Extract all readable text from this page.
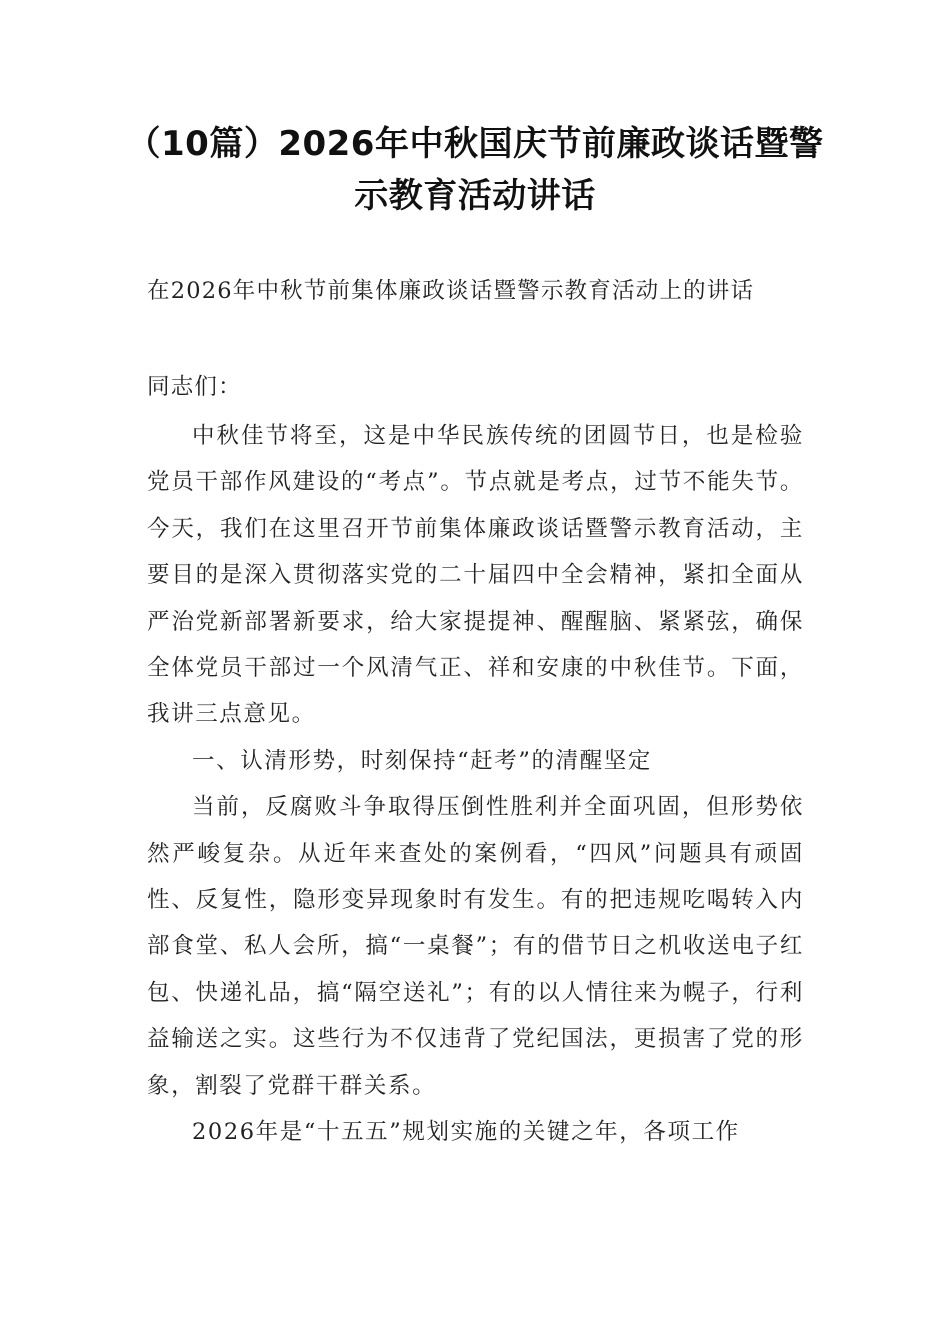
（10篇）2026年中秋国庆节前廉政谈话暨警示教育活动讲话
在2026年中秋节前集体廉政谈话暨警示教育活动上的讲话
同志们：

中秋佳节将至，这是中华民族传统的团圆节日，也是检验党员干部作风建设的“考点”。节点就是考点，过节不能失节。今天，我们在这里召开节前集体廉政谈话暨警示教育活动，主要目的是深入贯彻落实党的二十届四中全会精神，紧扣全面从严治党新部署新要求，给大家提提神、醒醒脑、紧紧弦，确保全体党员干部过一个风清气正、祥和安康的中秋佳节。下面，我讲三点意见。

一、认清形势，时刻保持“赶考”的清醒坚定

当前，反腐败斗争取得压倒性胜利并全面巩固，但形势依然严峻复杂。从近年来查处的案例看，“四风”问题具有顽固性、反复性，隐形变异现象时有发生。有的把违规吃喝转入内部食堂、私人会所，搞“一桌餐”；有的借节日之机收送电子红包、快递礼品，搞“隔空送礼”；有的以人情往来为幌子，行利益输送之实。这些行为不仅违背了党纪国法，更损害了党的形象，割裂了党群干群关系。

2026年是“十五五”规划实施的关键之年，各项工作
